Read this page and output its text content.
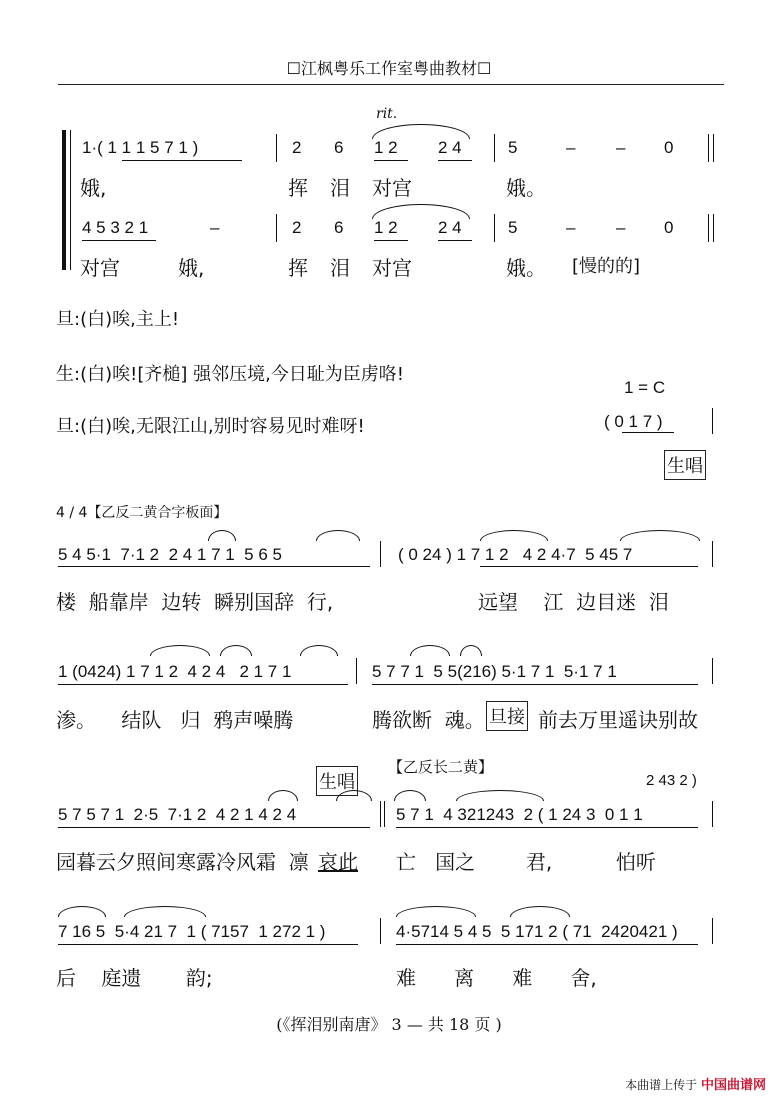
☐江枫粤乐工作室粤曲教材☐
rit.
1·( 1 1 1 5 7 1 )	2 6 1 2 2 4	5	– – 0
娥,	挥 泪 对宫	娥。
4 5 3 2 1	–	2 6 1 2 2 4	5	– – 0
对宫	娥,	挥 泪 对宫	娥。 [慢的的]
旦:(白)唉,主上!
生:(白)唉![齐槌] 强邻压境,今日耻为臣虏咯!
旦:(白)唉,无限江山,别时容易见时难呀!
1 = C
( 0 1 7 )
生唱
4 / 4【乙反二黄合字板面】
5 4 5·1  7·1 2  2 4 1 7 1  5 6 5	( 0 24 ) 1 7 1 2   4 2 4·7  5 45 7
楼  船靠岸  边转  瞬别国辞  行,	远望    江  边目迷  泪
1 (0424) 1 7 1 2  4 2 4   2 1 7 1	5 7 7 1  5 5(216) 5·1 7 1  5·1 7 1
渗。    结队   归  鸦声噪腾	腾欲断  魂。 旦接 前去万里遥诀别故
【乙反长二黄】
生唱	2 43 2 )
5 7 5 7 1  2·5  7·1 2  4 2 1 4 2 4	5 7 1  4 321243  2 ( 1 24 3  0 1 1
园暮云夕照间寒露冷风霜  凛 哀此 亡   国之        君,          怕听
7 16 5  5·4 21 7  1 ( 7157  1 272 1 )	4·5714 5 4 5  5 171 2 ( 71  2420421 )
后    庭遗       韵;	难      离      难      舍,
(《挥泪别南唐》 3 — 共 18 页 )
本曲谱上传于 中国曲谱网
